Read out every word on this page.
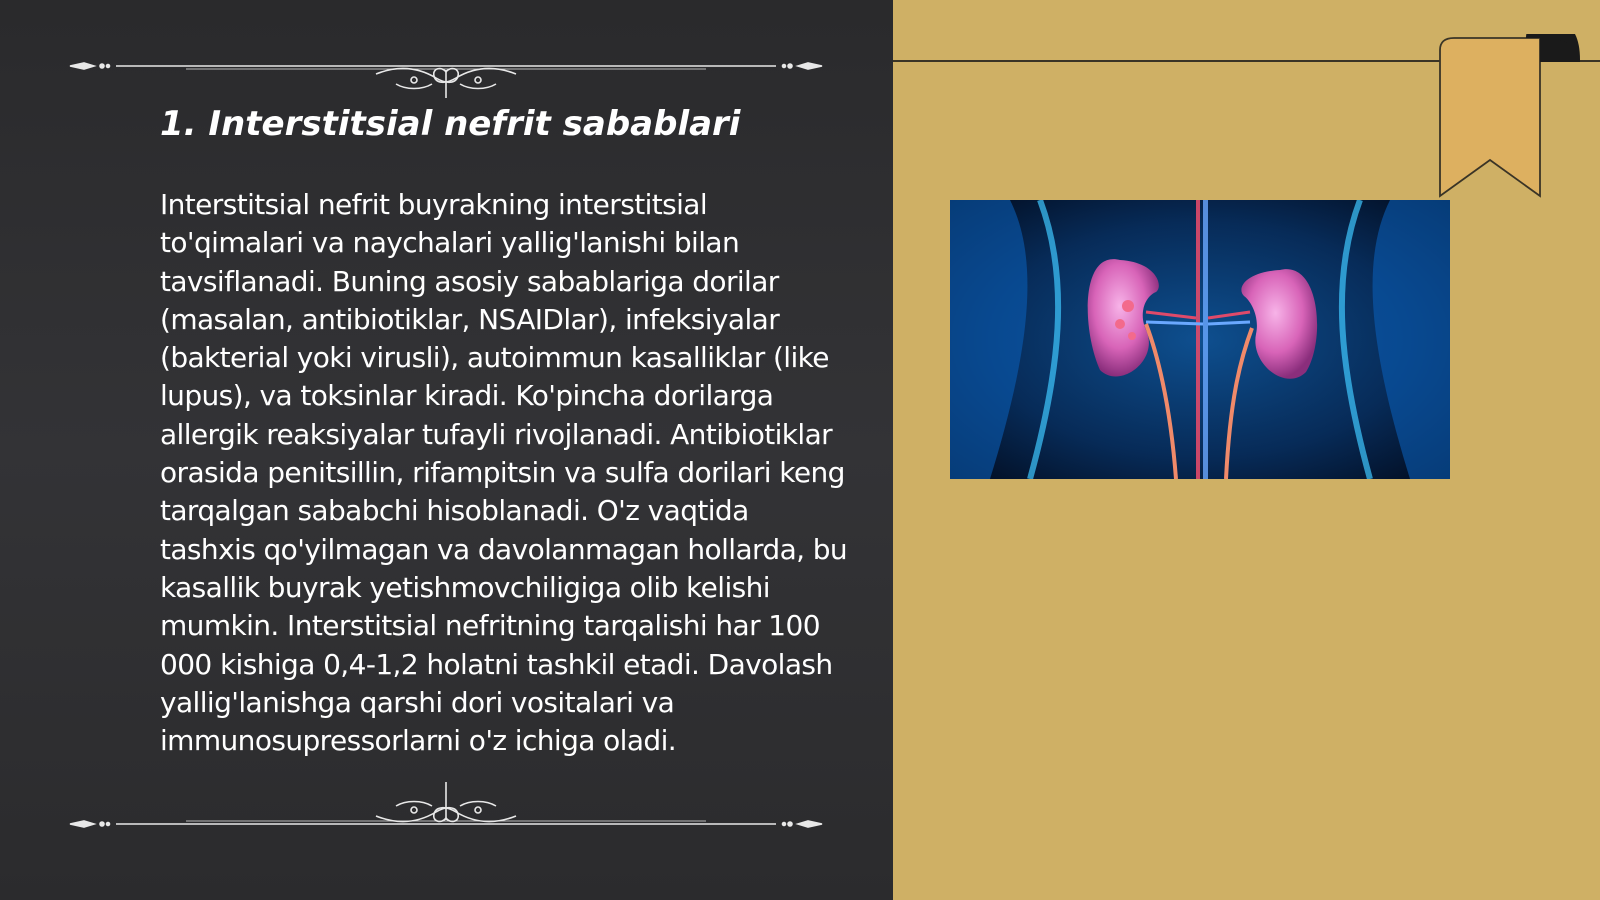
1. Interstitsial nefrit sabablari

Interstitsial nefrit buyrakning interstitsial to'qimalari va naychalari yallig'lanishi bilan tavsiflanadi. Buning asosiy sabablariga dorilar (masalan, antibiotiklar, NSAIDlar), infeksiyalar (bakterial yoki virusli), autoimmun kasalliklar (like lupus), va toksinlar kiradi. Ko'pincha dorilarga allergik reaksiyalar tufayli rivojlanadi. Antibiotiklar orasida penitsillin, rifampitsin va sulfa dorilari keng tarqalgan sababchi hisoblanadi. O'z vaqtida tashxis qo'yilmagan va davolanmagan hollarda, bu kasallik buyrak yetishmovchiligiga olib kelishi mumkin. Interstitsial nefritning tarqalishi har 100 000 kishiga 0,4-1,2 holatni tashkil etadi. Davolash yallig'lanishga qarshi dori vositalari va immunosupressorlarni o'z ichiga oladi.
